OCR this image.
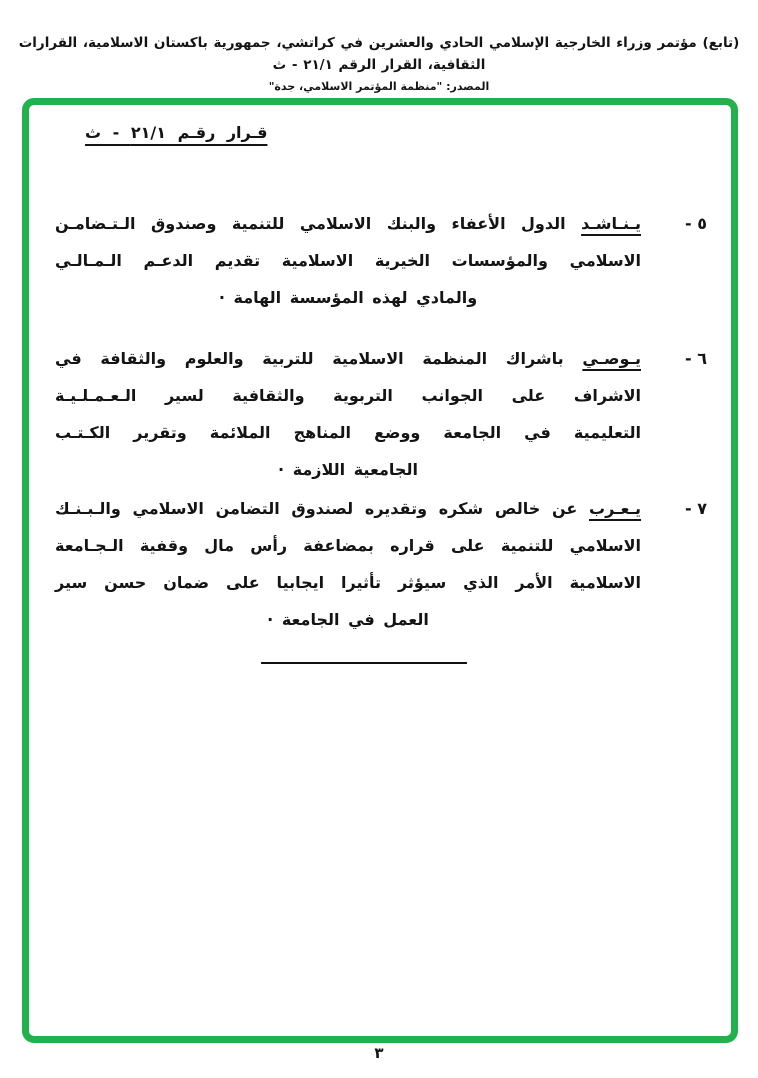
(تابع) مؤتمر وزراء الخارجية الإسلامي الحادي والعشرين في كراتشي، جمهورية باكستان الاسلامية، القرارات الثقافية، القرار الرقم ٢١/١ - ث
المصدر: "منظمة المؤتمر الاسلامي، جدة"
قـرار رقـم ٢١/١ - ث
٥ -
يـنـاشـد الدول الأعفاء والبنك الاسلامي للتنمية وصندوق الـتـضامـن
الاسلامي والمؤسسات الخيرية الاسلامية تقديم الدعـم الـمـالـي
والمادي لهذه المؤسسة الهامة ·
٦ -
يـوصـي باشراك المنظمة الاسلامية للتربية والعلوم والثقافة في
الاشراف على الجوانب التربوية والثقافية لسير الـعـمـلـيـة
التعليمية في الجامعة ووضع المناهج الملائمة وتقرير الكـتـب
الجامعية اللازمة ·
٧ -
يـعـرب عن خالص شكره وتقديره لصندوق التضامن الاسلامي والـبـنـك
الاسلامي للتنمية على قراره بمضاعفة رأس مال وقفية الـجـامعة
الاسلامية الأمر الذي سيؤثر تأثيرا ايجابيا على ضمان حسن سير
العمل في الجامعة ·
٣
